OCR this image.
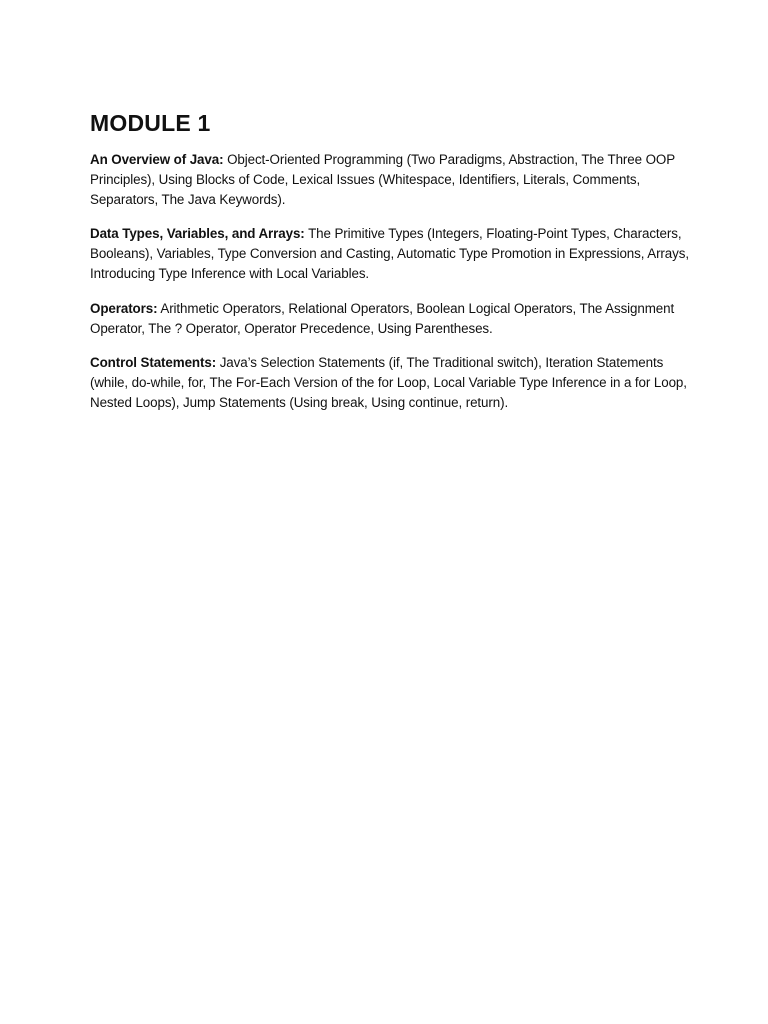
MODULE 1

An Overview of Java: Object-Oriented Programming (Two Paradigms, Abstraction, The Three OOP Principles), Using Blocks of Code, Lexical Issues (Whitespace, Identifiers, Literals, Comments, Separators, The Java Keywords).

Data Types, Variables, and Arrays: The Primitive Types (Integers, Floating-Point Types, Characters, Booleans), Variables, Type Conversion and Casting, Automatic Type Promotion in Expressions, Arrays, Introducing Type Inference with Local Variables.

Operators: Arithmetic Operators, Relational Operators, Boolean Logical Operators, The Assignment Operator, The ? Operator, Operator Precedence, Using Parentheses.

Control Statements: Java’s Selection Statements (if, The Traditional switch), Iteration Statements (while, do-while, for, The For-Each Version of the for Loop, Local Variable Type Inference in a for Loop, Nested Loops), Jump Statements (Using break, Using continue, return).
